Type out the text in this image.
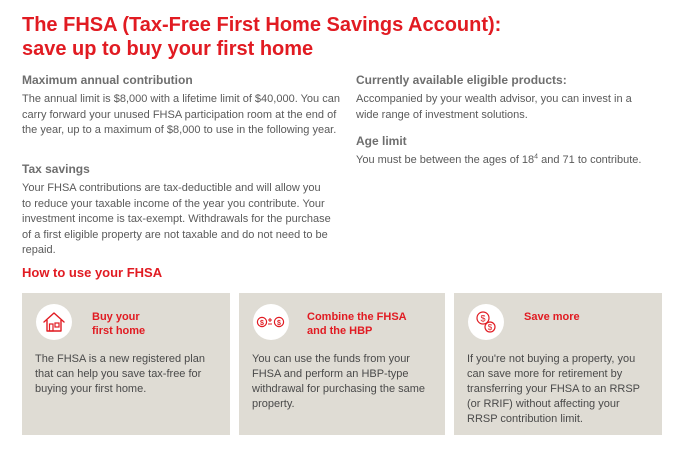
The FHSA (Tax-Free First Home Savings Account):
save up to buy your first home

Maximum annual contribution

The annual limit is $8,000 with a lifetime limit of $40,000. You can carry forward your unused FHSA participation room at the end of the year, up to a maximum of $8,000 to use in the following year.

Tax savings

Your FHSA contributions are tax-deductible and will allow you to reduce your taxable income of the year you contribute. Your investment income is tax-exempt. Withdrawals for the purchase of a first eligible property are not taxable and do not need to be repaid.

Currently available eligible products:

Accompanied by your wealth advisor, you can invest in a wide range of investment solutions.

Age limit

You must be between the ages of $18^4$ and 71 to contribute.

How to use your FHSA

Buy your
first home

The FHSA is a new registered plan that can help you save tax-free for buying your first home.

$ $

Combine the FHSA
and the HBP

You can use the funds from your FHSA and perform an HBP-type withdrawal for purchasing the same property.

$
$

Save more

If you're not buying a property, you can save more for retirement by transferring your FHSA to an RRSP (or RRIF) without affecting your RRSP contribution limit.
